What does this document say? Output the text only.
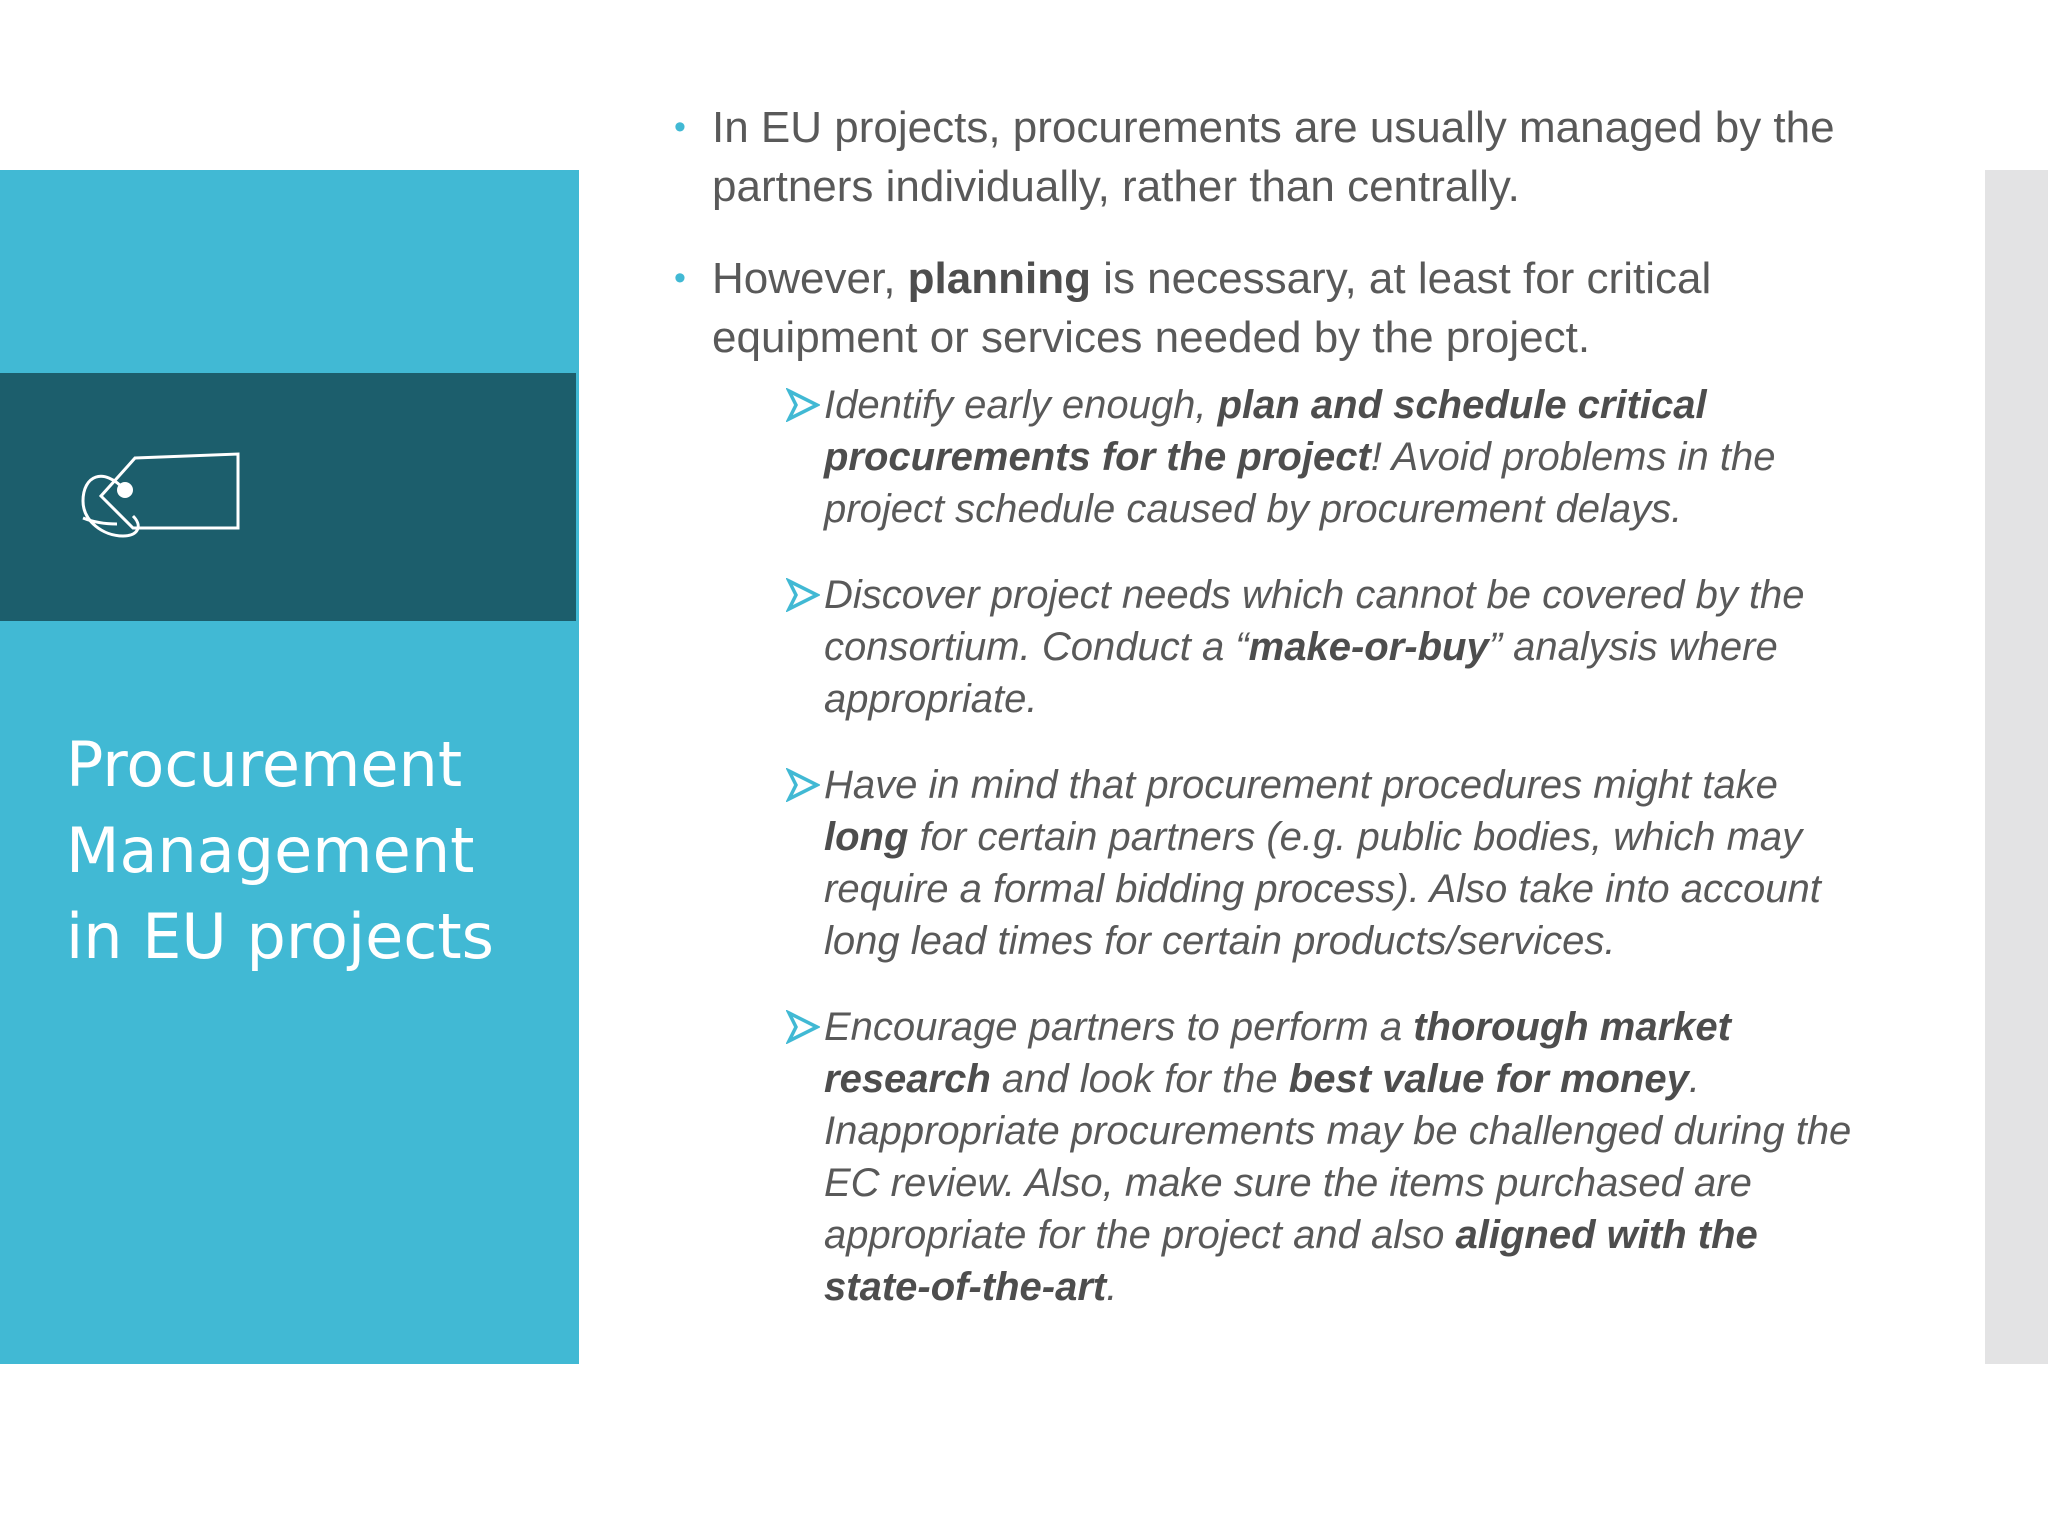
Procurement
Management
in EU projects
• In EU projects, procurements are usually managed by the partners individually, rather than centrally.
• However, planning is necessary, at least for critical equipment or services needed by the project.
Identify early enough, plan and schedule critical procurements for the project! Avoid problems in the project schedule caused by procurement delays.
Discover project needs which cannot be covered by the consortium. Conduct a “make-or-buy” analysis where appropriate.
Have in mind that procurement procedures might take long for certain partners (e.g. public bodies, which may require a formal bidding process). Also take into account long lead times for certain products/services.
Encourage partners to perform a thorough market research and look for the best value for money. Inappropriate procurements may be challenged during the EC review. Also, make sure the items purchased are appropriate for the project and also aligned with the state-of-the-art.
